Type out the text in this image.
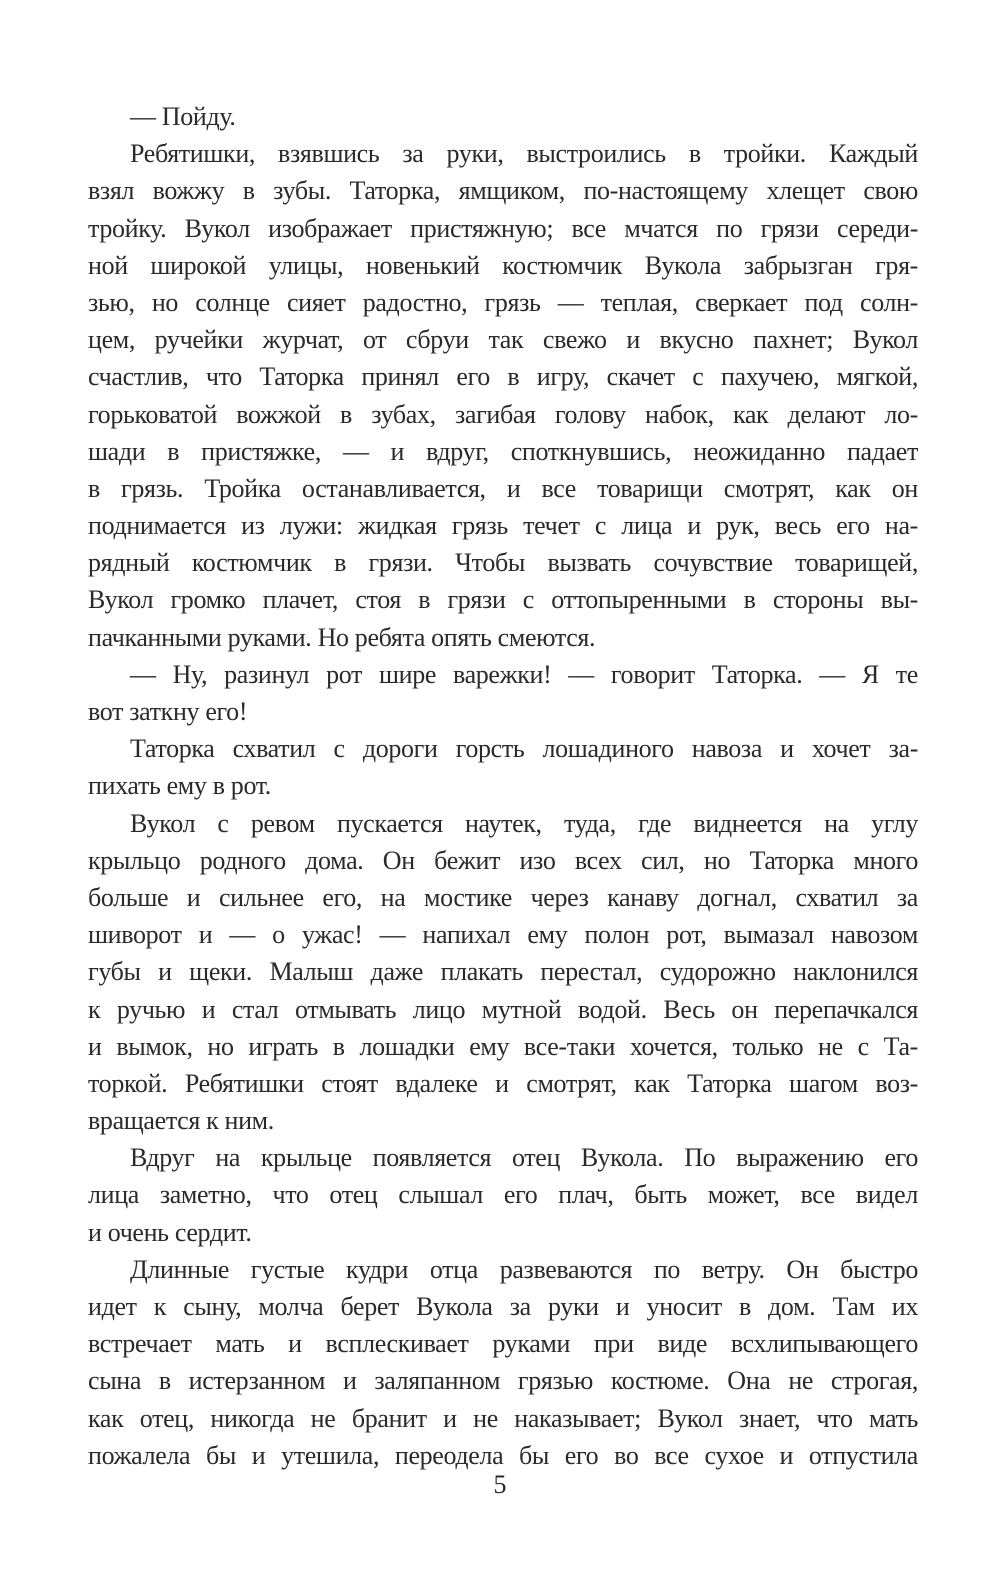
— Пойду.
Ребятишки, взявшись за руки, выстроились в тройки. Каждый
взял вожжу в зубы. Таторка, ямщиком, по-настоящему хлещет свою
тройку. Вукол изображает пристяжную; все мчатся по грязи середи-
ной широкой улицы, новенький костюмчик Вукола забрызган гря-
зью, но солнце сияет радостно, грязь — теплая, сверкает под солн-
цем, ручейки журчат, от сбруи так свежо и вкусно пахнет; Вукол
счастлив, что Таторка принял его в игру, скачет с пахучею, мягкой,
горьковатой вожжой в зубах, загибая голову набок, как делают ло-
шади в пристяжке, — и вдруг, споткнувшись, неожиданно падает
в грязь. Тройка останавливается, и все товарищи смотрят, как он
поднимается из лужи: жидкая грязь течет с лица и рук, весь его на-
рядный костюмчик в грязи. Чтобы вызвать сочувствие товарищей,
Вукол громко плачет, стоя в грязи с оттопыренными в стороны вы-
пачканными руками. Но ребята опять смеются.
— Ну, разинул рот шире варежки! — говорит Таторка. — Я те
вот заткну его!
Таторка схватил с дороги горсть лошадиного навоза и хочет за-
пихать ему в рот.
Вукол с ревом пускается наутек, туда, где виднеется на углу
крыльцо родного дома. Он бежит изо всех сил, но Таторка много
больше и сильнее его, на мостике через канаву догнал, схватил за
шиворот и — о ужас! — напихал ему полон рот, вымазал навозом
губы и щеки. Малыш даже плакать перестал, судорожно наклонился
к ручью и стал отмывать лицо мутной водой. Весь он перепачкался
и вымок, но играть в лошадки ему все-таки хочется, только не с Та-
торкой. Ребятишки стоят вдалеке и смотрят, как Таторка шагом воз-
вращается к ним.
Вдруг на крыльце появляется отец Вукола. По выражению его
лица заметно, что отец слышал его плач, быть может, все видел
и очень сердит.
Длинные густые кудри отца развеваются по ветру. Он быстро
идет к сыну, молча берет Вукола за руки и уносит в дом. Там их
встречает мать и всплескивает руками при виде всхлипывающего
сына в истерзанном и заляпанном грязью костюме. Она не строгая,
как отец, никогда не бранит и не наказывает; Вукол знает, что мать
пожалела бы и утешила, переоделa бы его во все сухое и отпустила
5
